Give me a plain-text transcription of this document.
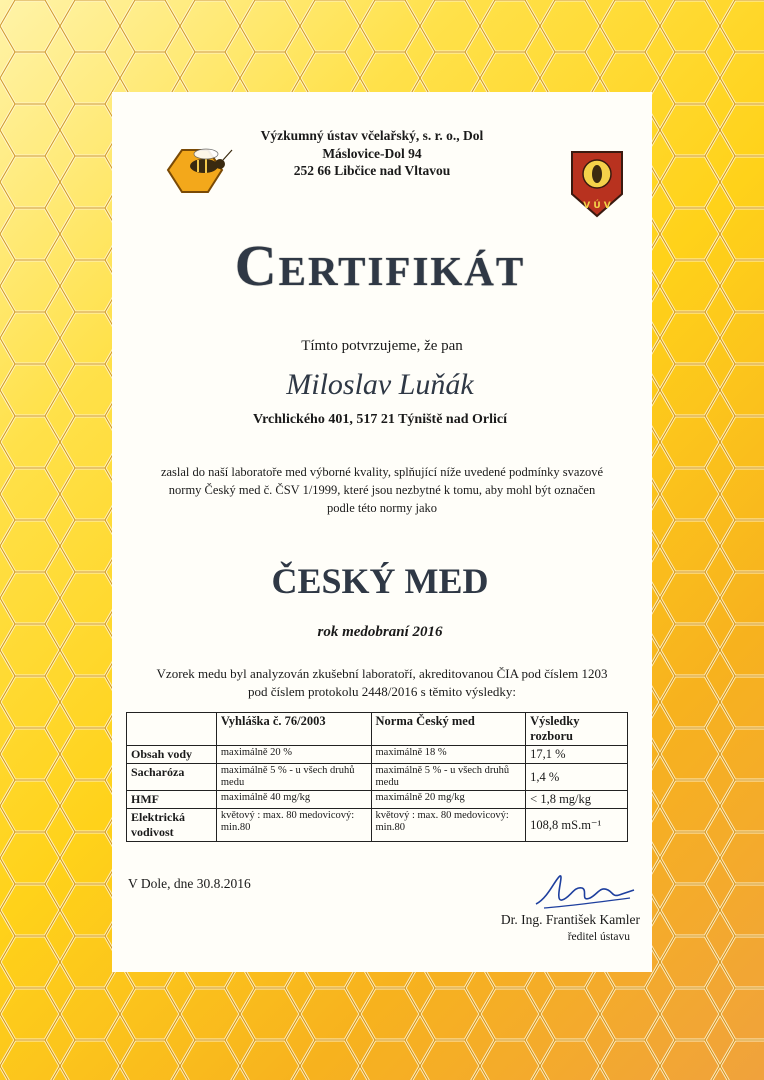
V Ú V
Výzkumný ústav včelařský, s. r. o., Dol
Máslovice-Dol 94
252 66 Libčice nad Vltavou
Certifikát
Tímto potvrzujeme, že pan
Miloslav Luňák
Vrchlického 401, 517 21 Týniště nad Orlicí
zaslal do naší laboratoře med výborné kvality, splňující níže uvedené podmínky svazové
normy Český med č. ČSV 1/1999, které jsou nezbytné k tomu, aby mohl být označen
podle této normy jako
ČESKÝ MED
rok medobraní 2016
Vzorek medu byl analyzován zkušební laboratoří, akreditovanou ČIA pod číslem 1203
pod číslem protokolu 2448/2016 s těmito výsledky:
	Vyhláška č. 76/2003	Norma Český med	Výsledky rozboru
Obsah vody	maximálně 20 %	maximálně 18 %	17,1 %
Sacharóza	maximálně 5 % - u všech druhů medu	maximálně 5 % - u všech druhů medu	1,4 %
HMF	maximálně 40 mg/kg	maximálně 20 mg/kg	< 1,8 mg/kg
Elektrická vodivost	květový : max. 80 medovicový: min.80	květový : max. 80 medovicový: min.80	108,8 mS.m⁻¹
V Dole, dne 30.8.2016
Dr. Ing. František Kamler
ředitel ústavu
